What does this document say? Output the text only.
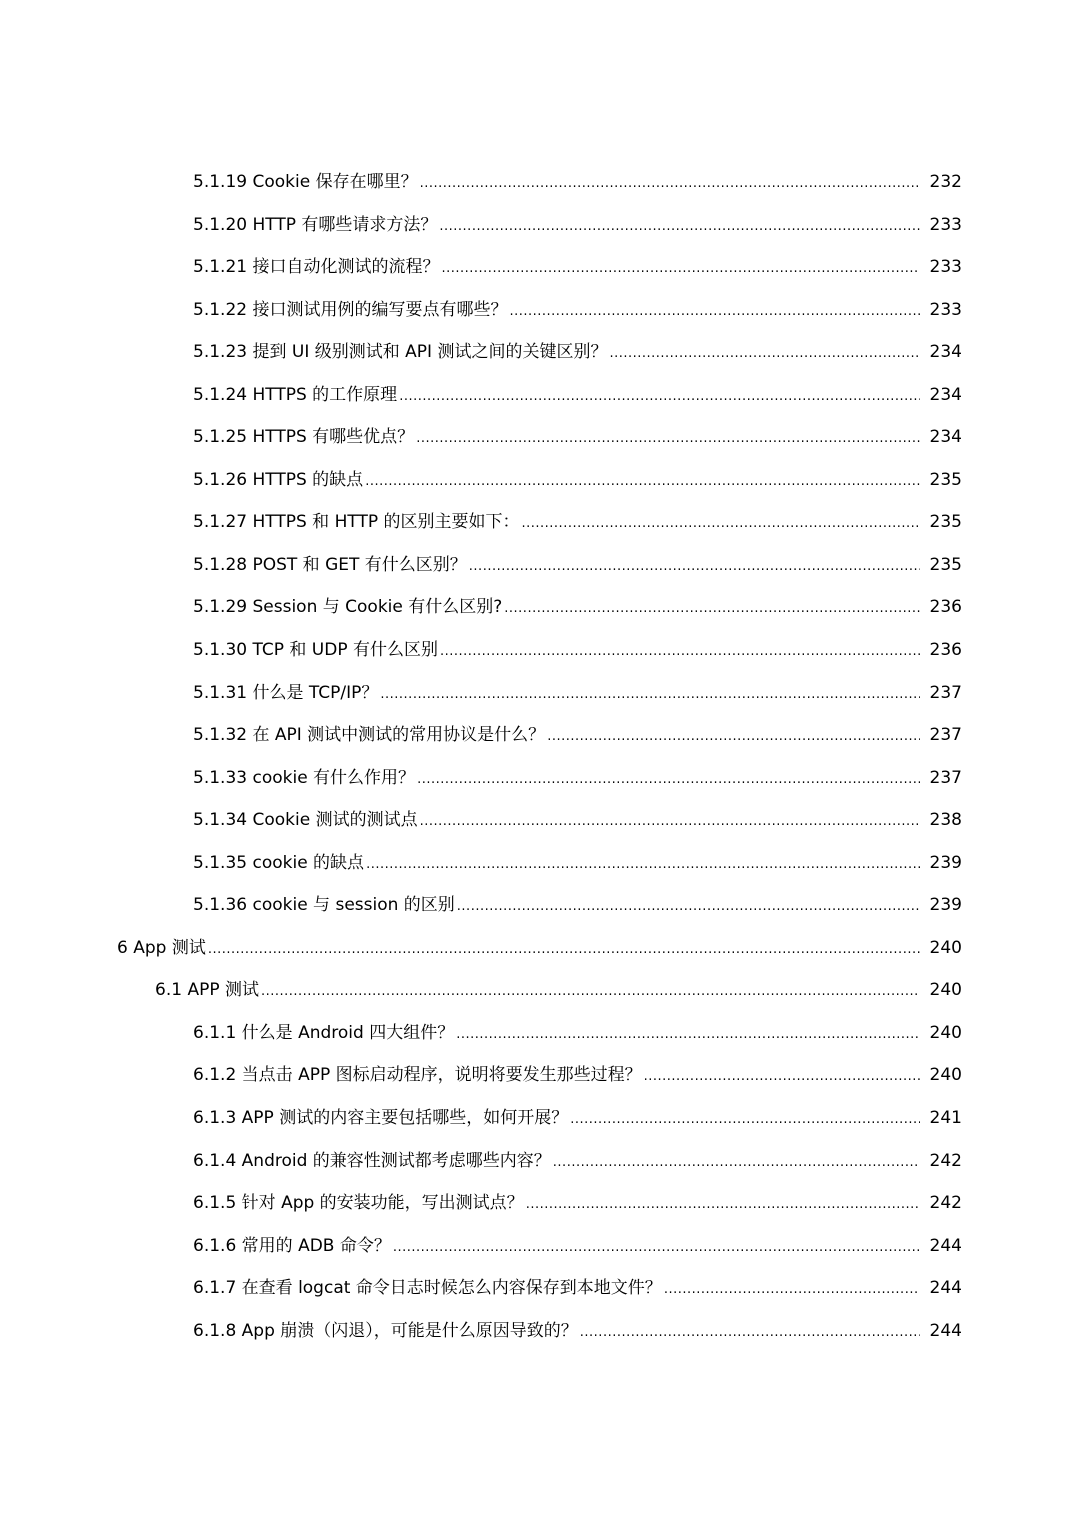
5.1.19 Cookie 保存在哪里？ .....	232
5.1.20 HTTP 有哪些请求方法？ .....	233
5.1.21 接口自动化测试的流程？ .....	233
5.1.22 接口测试用例的编写要点有哪些？ .....	233
5.1.23 提到 UI 级别测试和 API 测试之间的关键区别？ .....	234
5.1.24 HTTPS 的工作原理 .....	234
5.1.25 HTTPS 有哪些优点？ .....	234
5.1.26 HTTPS 的缺点 .....	235
5.1.27 HTTPS 和 HTTP 的区别主要如下： .....	235
5.1.28 POST 和 GET 有什么区别？ .....	235
5.1.29 Session 与 Cookie 有什么区别? .....	236
5.1.30 TCP 和 UDP 有什么区别 .....	236
5.1.31 什么是 TCP/IP？ .....	237
5.1.32 在 API 测试中测试的常用协议是什么？ .....	237
5.1.33 cookie 有什么作用？ .....	237
5.1.34 Cookie 测试的测试点 .....	238
5.1.35 cookie 的缺点 .....	239
5.1.36 cookie 与 session 的区别 .....	239
6 App 测试 .....	240
6.1 APP 测试 .....	240
6.1.1 什么是 Android 四大组件？ .....	240
6.1.2 当点击 APP 图标启动程序，说明将要发生那些过程？ .....	240
6.1.3 APP 测试的内容主要包括哪些，如何开展？ .....	241
6.1.4 Android 的兼容性测试都考虑哪些内容？ .....	242
6.1.5 针对 App 的安装功能，写出测试点？ .....	242
6.1.6 常用的 ADB 命令？ .....	244
6.1.7 在查看 logcat 命令日志时候怎么内容保存到本地文件？ .....	244
6.1.8 App 崩溃（闪退），可能是什么原因导致的？ .....	244
